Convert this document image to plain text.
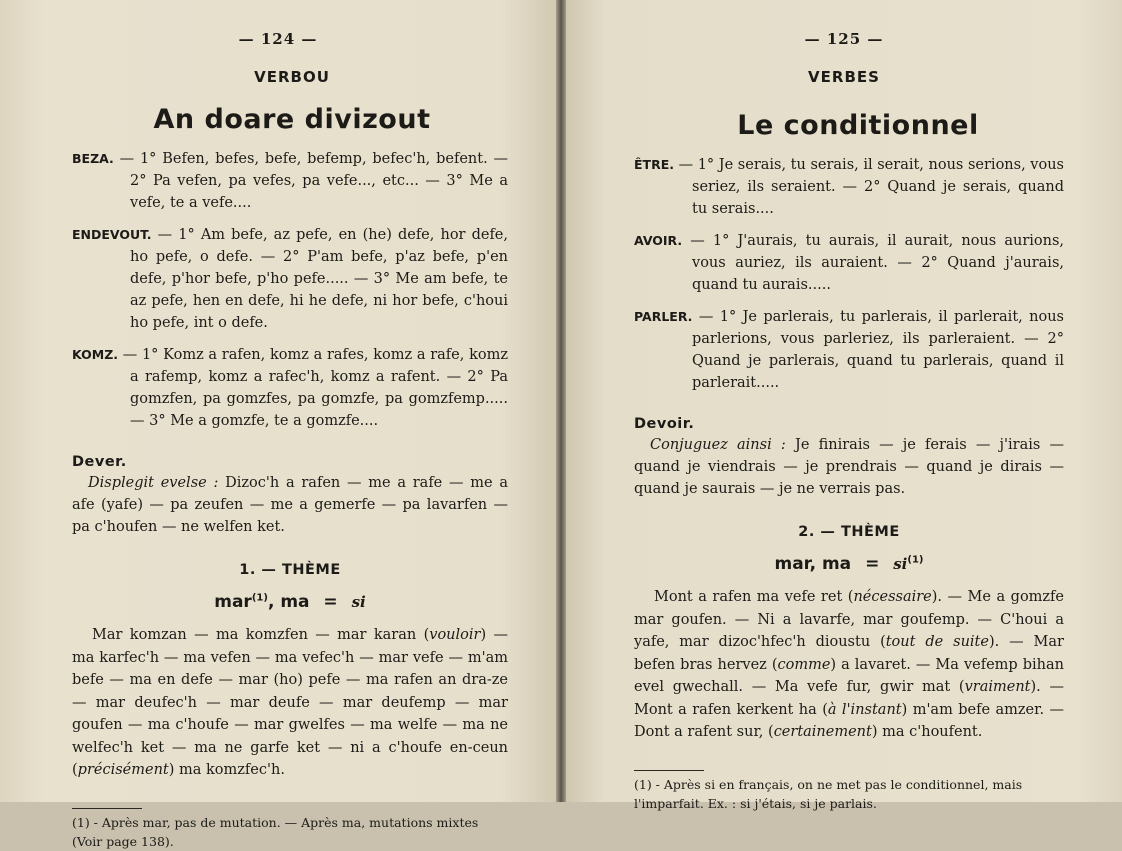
— 124 —
VERBOU
An doare divizout
BEZA. — 1° Befen, befes, befe, befemp, befec'h, befent. — 2° Pa vefen, pa vefes, pa vefe..., etc... — 3° Me a vefe, te a vefe....
ENDEVOUT. — 1° Am befe, az pefe, en (he) defe, hor defe, ho pefe, o defe. — 2° P'am befe, p'az befe, p'en defe, p'hor befe, p'ho pefe..... — 3° Me am befe, te az pefe, hen en defe, hi he defe, ni hor befe, c'houi ho pefe, int o defe.
KOMZ. — 1° Komz a rafen, komz a rafes, komz a rafe, komz a rafemp, komz a rafec'h, komz a rafent. — 2° Pa gomzfen, pa gomzfes, pa gomzfe, pa gomzfemp..... — 3° Me a gomzfe, te a gomzfe....
Dever.
Displegit evelse : Dizoc'h a rafen — me a rafe — me a afe (yafe) — pa zeufen — me a gemerfe — pa lavarfen — pa c'houfen — ne welfen ket.
1. — THÈME
mar$^{(1)}$, ma = si
Mar komzan — ma komzfen — mar karan (vouloir) — ma karfec'h — ma vefen — ma vefec'h — mar vefe — m'am befe — ma en defe — mar (ho) pefe — ma rafen an dra-ze — mar deufec'h — mar deufe — mar deufemp — mar goufen — ma c'houfe — mar gwelfes — ma welfe — ma ne welfec'h ket — ma ne garfe ket — ni a c'houfe en-ceun (précisément) ma komzfec'h.
(1) - Après mar, pas de mutation. — Après ma, mutations mixtes (Voir page 138).
— 125 —
VERBES
Le conditionnel
ÊTRE. — 1° Je serais, tu serais, il serait, nous serions, vous seriez, ils seraient. — 2° Quand je serais, quand tu serais....
AVOIR. — 1° J'aurais, tu aurais, il aurait, nous aurions, vous auriez, ils auraient. — 2° Quand j'aurais, quand tu aurais.....
PARLER. — 1° Je parlerais, tu parlerais, il parlerait, nous parlerions, vous parleriez, ils parleraient. — 2° Quand je parlerais, quand tu parlerais, quand il parlerait.....
Devoir.
Conjuguez ainsi : Je finirais — je ferais — j'irais — quand je viendrais — je prendrais — quand je dirais — quand je saurais — je ne verrais pas.
2. — THÈME
mar, ma = $si^{(1)}$
Mont a rafen ma vefe ret (nécessaire). — Me a gomzfe mar goufen. — Ni a lavarfe, mar goufemp. — C'houi a yafe, mar dizoc'hfec'h dioustu (tout de suite). — Mar befen bras hervez (comme) a lavaret. — Ma vefemp bihan evel gwechall. — Ma vefe fur, gwir mat (vraiment). — Mont a rafen kerkent ha (à l'instant) m'am befe amzer. — Dont a rafent sur, (certainement) ma c'houfent.
(1) - Après si en français, on ne met pas le conditionnel, mais l'imparfait. Ex. : si j'étais, si je parlais.
